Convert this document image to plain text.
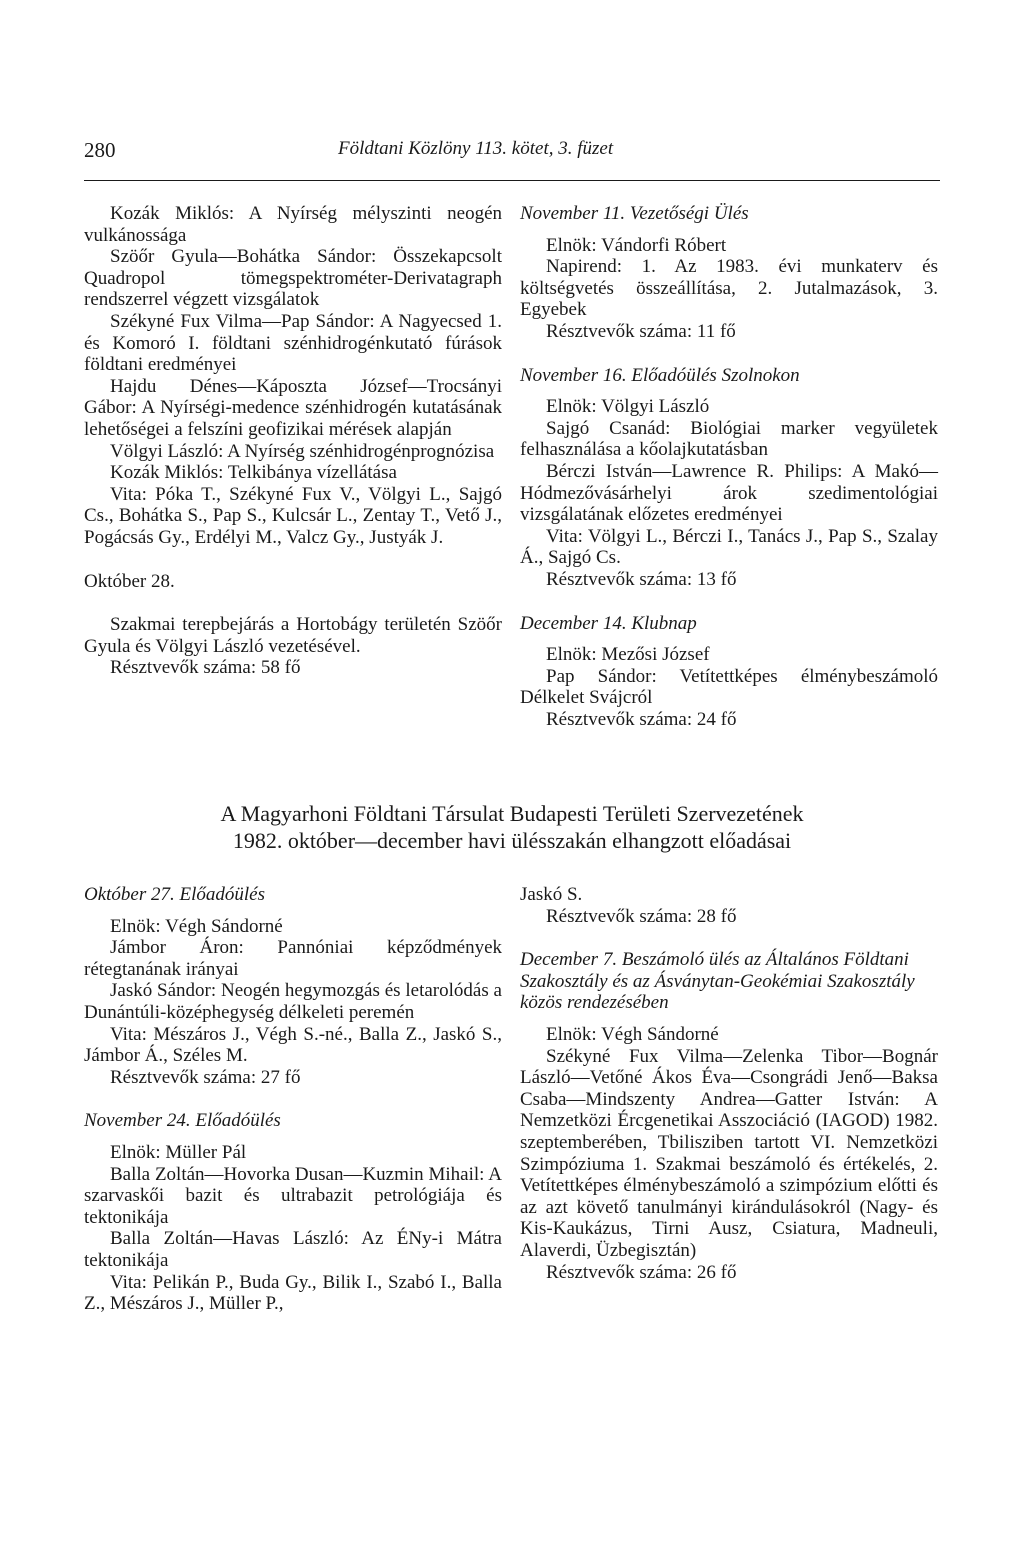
280	Földtani Közlöny 113. kötet, 3. füzet

Kozák Miklós: A Nyírség mélyszinti neogén vulkánossága

Szöőr Gyula—Bohátka Sándor: Összekapcsolt Quadropol tömegspektrométer-Derivatagraph rendszerrel végzett vizsgálatok

Székyné Fux Vilma—Pap Sándor: A Nagyecsed 1. és Komoró I. földtani szénhidrogénkutató fúrások földtani eredményei

Hajdu Dénes—Káposzta József—Trocsányi Gábor: A Nyírségi-medence szénhidrogén kutatásának lehetőségei a felszíni geofizikai mérések alapján

Völgyi László: A Nyírség szénhidrogénprognózisa

Kozák Miklós: Telkibánya vízellátása

Vita: Póka T., Székyné Fux V., Völgyi L., Sajgó Cs., Bohátka S., Pap S., Kulcsár L., Zentay T., Vető J., Pogácsás Gy., Erdélyi M., Valcz Gy., Justyák J.

Október 28.

Szakmai terepbejárás a Hortobágy területén Szöőr Gyula és Völgyi László vezetésével.

Résztvevők száma: 58 fő

November 11. Vezetőségi Ülés

Elnök: Vándorfi Róbert

Napirend: 1. Az 1983. évi munkaterv és költségvetés összeállítása, 2. Jutalmazások, 3. Egyebek

Résztvevők száma: 11 fő

November 16. Előadóülés Szolnokon

Elnök: Völgyi László

Sajgó Csanád: Biológiai marker vegyületek felhasználása a kőolajkutatásban

Bérczi István—Lawrence R. Philips: A Makó—Hódmezővásárhelyi árok szedimentológiai vizsgálatának előzetes eredményei

Vita: Völgyi L., Bérczi I., Tanács J., Pap S., Szalay Á., Sajgó Cs.

Résztvevők száma: 13 fő

December 14. Klubnap

Elnök: Mezősi József

Pap Sándor: Vetítettképes élménybeszámoló Délkelet Svájcról

Résztvevők száma: 24 fő

A Magyarhoni Földtani Társulat Budapesti Területi Szervezetének
1982. október—december havi ülésszakán elhangzott előadásai

Október 27. Előadóülés

Elnök: Végh Sándorné

Jámbor Áron: Pannóniai képződmények rétegtanának irányai

Jaskó Sándor: Neogén hegymozgás és letarolódás a Dunántúli-középhegység délkeleti peremén

Vita: Mészáros J., Végh S.-né., Balla Z., Jaskó S., Jámbor Á., Széles M.

Résztvevők száma: 27 fő

November 24. Előadóülés

Elnök: Müller Pál

Balla Zoltán—Hovorka Dusan—Kuzmin Mihail: A szarvaskői bazit és ultrabazit petrológiája és tektonikája

Balla Zoltán—Havas László: Az ÉNy-i Mátra tektonikája

Vita: Pelikán P., Buda Gy., Bilik I., Szabó I., Balla Z., Mészáros J., Müller P.,

Jaskó S.

Résztvevők száma: 28 fő

December 7. Beszámoló ülés az Általános Földtani Szakosztály és az Ásványtan-Geokémiai Szakosztály közös rendezésében

Elnök: Végh Sándorné

Székyné Fux Vilma—Zelenka Tibor—Bognár László—Vetőné Ákos Éva—Csongrádi Jenő—Baksa Csaba—Mindszenty Andrea—Gatter István: A Nemzetközi Ércgenetikai Asszociáció (IAGOD) 1982. szeptemberében, Tbilisziben tartott VI. Nemzetközi Szimpóziuma 1. Szakmai beszámoló és értékelés, 2. Vetítettképes élménybeszámoló a szimpózium előtti és az azt követő tanulmányi kirándulásokról (Nagy- és Kis-Kaukázus, Tirni Ausz, Csiatura, Madneuli, Alaverdi, Üzbegisztán)

Résztvevők száma: 26 fő
